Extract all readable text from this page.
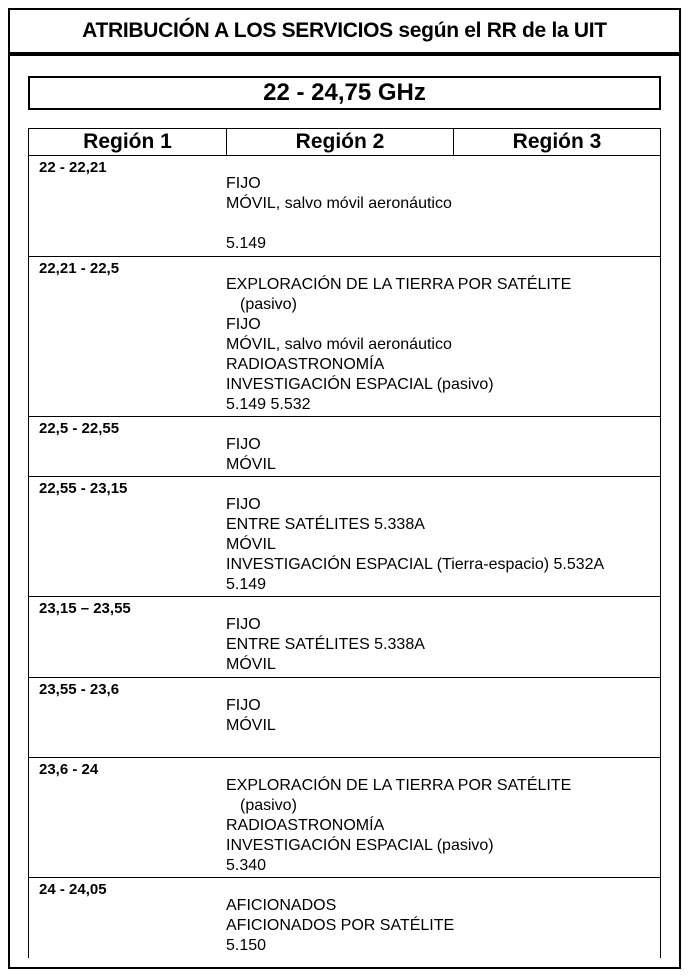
ATRIBUCIÓN A LOS SERVICIOS según el RR de la UIT
22 - 24,75 GHz
Región 1	Región 2	Región 3
22 - 22,21
FIJO
MÓVIL, salvo móvil aeronáutico
5.149
22,21 - 22,5
EXPLORACIÓN DE LA TIERRA POR SATÉLITE
(pasivo)
FIJO
MÓVIL, salvo móvil aeronáutico
RADIOASTRONOMÍA
INVESTIGACIÓN ESPACIAL (pasivo)
5.149 5.532
22,5 - 22,55
FIJO
MÓVIL
22,55 - 23,15
FIJO
ENTRE SATÉLITES 5.338A
MÓVIL
INVESTIGACIÓN ESPACIAL (Tierra-espacio) 5.532A
5.149
23,15 – 23,55
FIJO
ENTRE SATÉLITES 5.338A
MÓVIL
23,55 - 23,6
FIJO
MÓVIL
23,6 - 24
EXPLORACIÓN DE LA TIERRA POR SATÉLITE
(pasivo)
RADIOASTRONOMÍA
INVESTIGACIÓN ESPACIAL (pasivo)
5.340
24 - 24,05
AFICIONADOS
AFICIONADOS POR SATÉLITE
5.150
